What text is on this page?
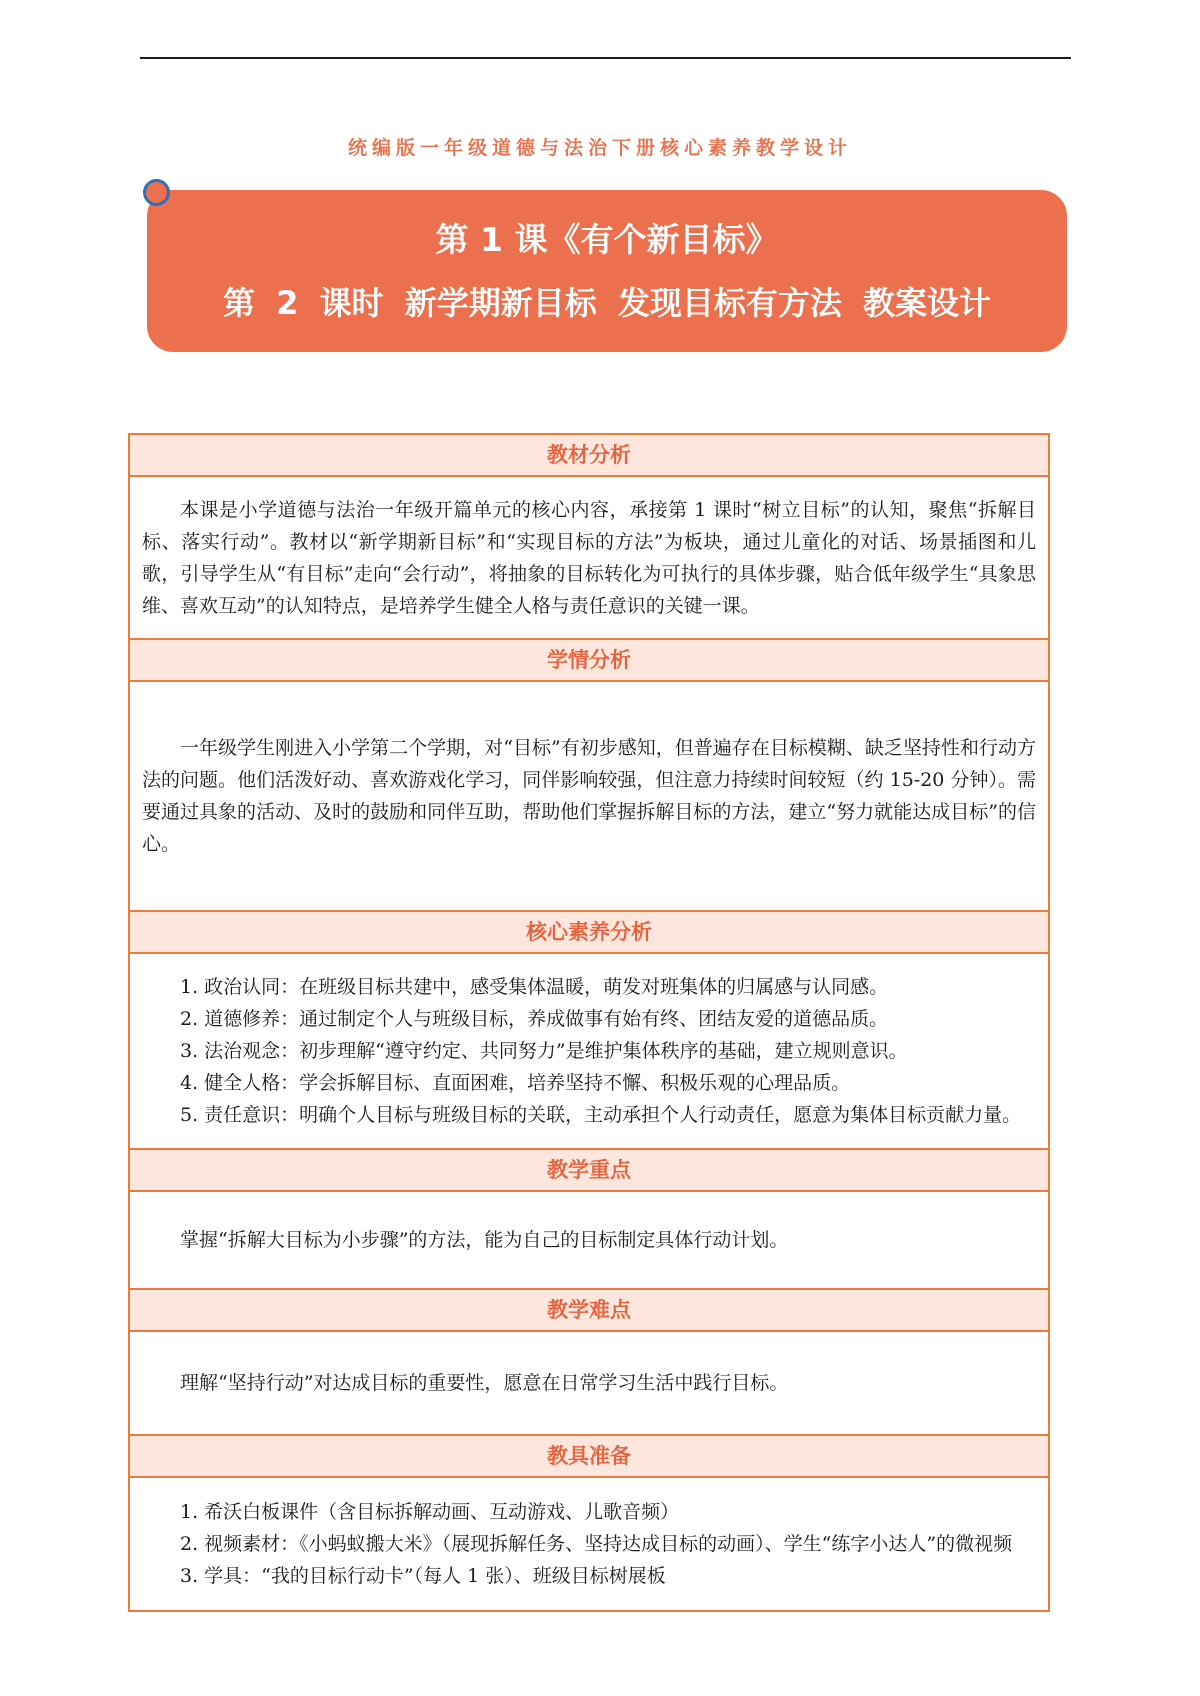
统编版一年级道德与法治下册核心素养教学设计
第 1 课《有个新目标》
第 2 课时 新学期新目标 发现目标有方法 教案设计
教材分析

本课是小学道德与法治一年级开篇单元的核心内容，承接第 1 课时“树立目标”的认知，聚焦“拆解目标、落实行动”。教材以“新学期新目标”和“实现目标的方法”为板块，通过儿童化的对话、场景插图和儿歌，引导学生从“有目标”走向“会行动”，将抽象的目标转化为可执行的具体步骤，贴合低年级学生“具象思维、喜欢互动”的认知特点，是培养学生健全人格与责任意识的关键一课。

学情分析

一年级学生刚进入小学第二个学期，对“目标”有初步感知，但普遍存在目标模糊、缺乏坚持性和行动方法的问题。他们活泼好动、喜欢游戏化学习，同伴影响较强，但注意力持续时间较短（约 15-20 分钟）。需要通过具象的活动、及时的鼓励和同伴互助，帮助他们掌握拆解目标的方法，建立“努力就能达成目标”的信心。

核心素养分析

1. 政治认同：在班级目标共建中，感受集体温暖，萌发对班集体的归属感与认同感。

2. 道德修养：通过制定个人与班级目标，养成做事有始有终、团结友爱的道德品质。

3. 法治观念：初步理解“遵守约定、共同努力”是维护集体秩序的基础，建立规则意识。

4. 健全人格：学会拆解目标、直面困难，培养坚持不懈、积极乐观的心理品质。

5. 责任意识：明确个人目标与班级目标的关联，主动承担个人行动责任，愿意为集体目标贡献力量。

教学重点

掌握“拆解大目标为小步骤”的方法，能为自己的目标制定具体行动计划。

教学难点

理解“坚持行动”对达成目标的重要性，愿意在日常学习生活中践行目标。

教具准备

1. 希沃白板课件（含目标拆解动画、互动游戏、儿歌音频）

2. 视频素材：《小蚂蚁搬大米》（展现拆解任务、坚持达成目标的动画）、学生“练字小达人”的微视频

3. 学具：“我的目标行动卡”（每人 1 张）、班级目标树展板
